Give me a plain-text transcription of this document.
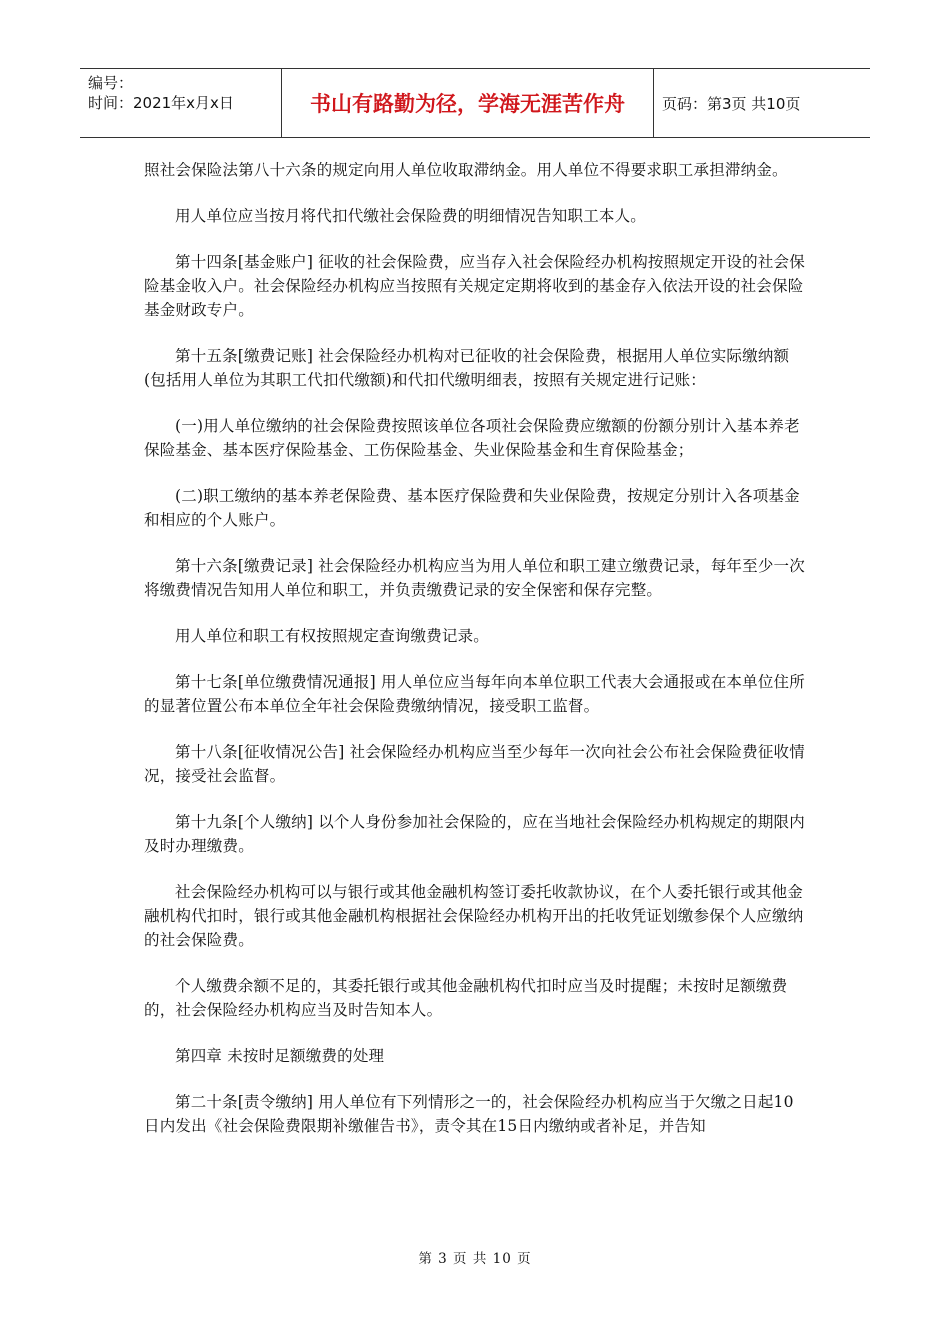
编号：
时间：2021年x月x日	书山有路勤为径，学海无涯苦作舟	页码：第3页 共10页

照社会保险法第八十六条的规定向用人单位收取滞纳金。用人单位不得要求职工承担滞纳金。

用人单位应当按月将代扣代缴社会保险费的明细情况告知职工本人。

第十四条[基金账户] 征收的社会保险费，应当存入社会保险经办机构按照规定开设的社会保险基金收入户。社会保险经办机构应当按照有关规定定期将收到的基金存入依法开设的社会保险基金财政专户。

第十五条[缴费记账] 社会保险经办机构对已征收的社会保险费，根据用人单位实际缴纳额(包括用人单位为其职工代扣代缴额)和代扣代缴明细表，按照有关规定进行记账：

(一)用人单位缴纳的社会保险费按照该单位各项社会保险费应缴额的份额分别计入基本养老保险基金、基本医疗保险基金、工伤保险基金、失业保险基金和生育保险基金；

(二)职工缴纳的基本养老保险费、基本医疗保险费和失业保险费，按规定分别计入各项基金和相应的个人账户。

第十六条[缴费记录] 社会保险经办机构应当为用人单位和职工建立缴费记录，每年至少一次将缴费情况告知用人单位和职工，并负责缴费记录的安全保密和保存完整。

用人单位和职工有权按照规定查询缴费记录。

第十七条[单位缴费情况通报] 用人单位应当每年向本单位职工代表大会通报或在本单位住所的显著位置公布本单位全年社会保险费缴纳情况，接受职工监督。

第十八条[征收情况公告] 社会保险经办机构应当至少每年一次向社会公布社会保险费征收情况，接受社会监督。

第十九条[个人缴纳] 以个人身份参加社会保险的，应在当地社会保险经办机构规定的期限内及时办理缴费。

社会保险经办机构可以与银行或其他金融机构签订委托收款协议，在个人委托银行或其他金融机构代扣时，银行或其他金融机构根据社会保险经办机构开出的托收凭证划缴参保个人应缴纳的社会保险费。

个人缴费余额不足的，其委托银行或其他金融机构代扣时应当及时提醒；未按时足额缴费的，社会保险经办机构应当及时告知本人。

第四章 未按时足额缴费的处理

第二十条[责令缴纳] 用人单位有下列情形之一的，社会保险经办机构应当于欠缴之日起10日内发出《社会保险费限期补缴催告书》，责令其在15日内缴纳或者补足，并告知

第 3 页 共 10 页
